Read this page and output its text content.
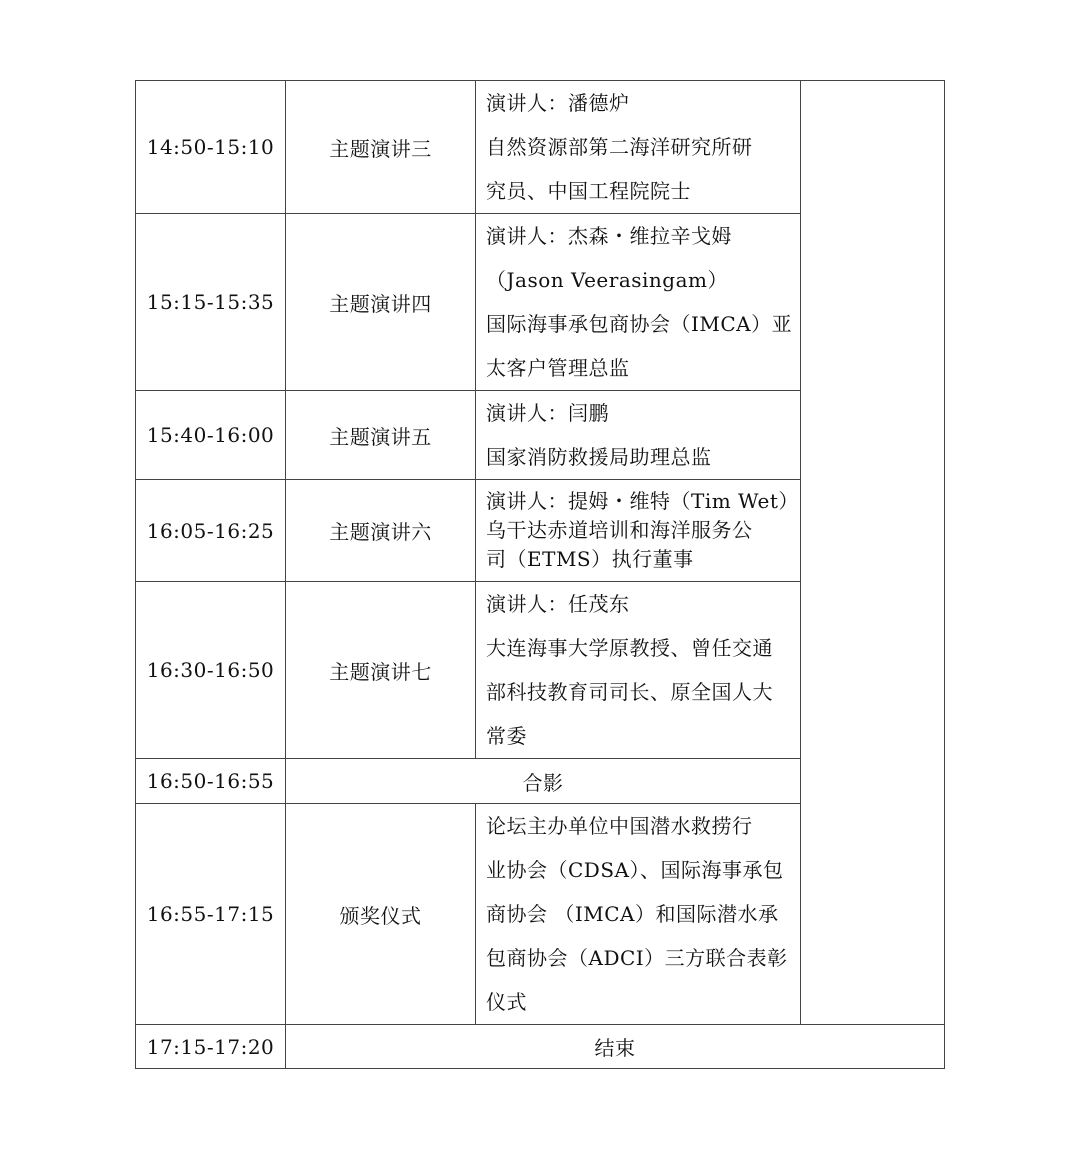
14:50-15:10	主题演讲三	演讲人：潘德炉
自然资源部第二海洋研究所研
究员、中国工程院院士	

15:15-15:35	主题演讲四	演讲人：杰森・维拉辛戈姆
（Jason Veerasingam）
国际海事承包商协会（IMCA）亚
太客户管理总监	

15:40-16:00	主题演讲五	演讲人：闫鹏
国家消防救援局助理总监	

16:05-16:25	主题演讲六	演讲人：提姆・维特（Tim Wet）
乌干达赤道培训和海洋服务公
司（ETMS）执行董事	

16:30-16:50	主题演讲七	演讲人：任茂东
大连海事大学原教授、曾任交通
部科技教育司司长、原全国人大
常委	

16:50-16:55	合影		
16:55-17:15	颁奖仪式	论坛主办单位中国潜水救捞行
业协会（CDSA）、国际海事承包
商协会 （IMCA）和国际潜水承
包商协会（ADCI）三方联合表彰
仪式	

17:15-17:20	结束		
